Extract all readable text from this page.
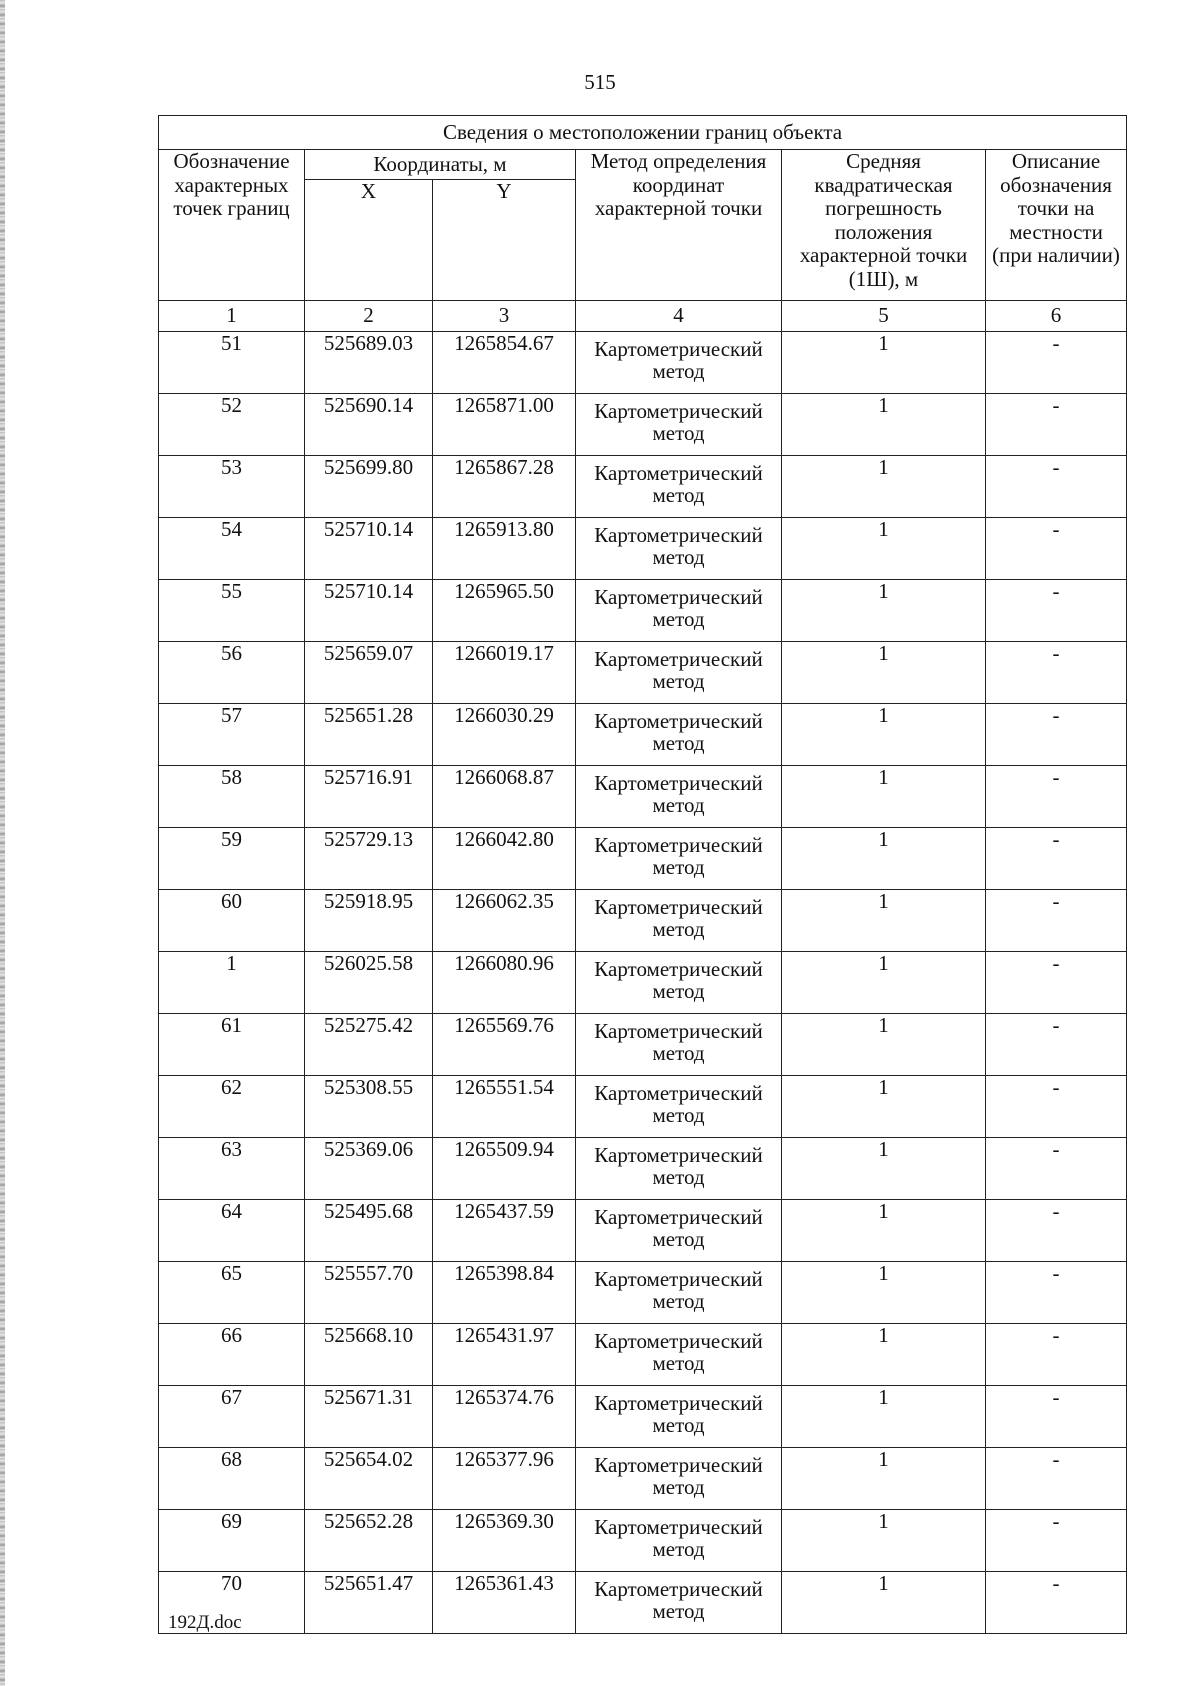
515
Сведения о местоположении границ объекта					
Обозначение характерных точек границ	Координаты, м		Метод определения координат характерной точки	Средняя квадратическая погрешность положения характерной точки (1Ш), м	Описание обозначения точки на местности (при наличии)
	X	Y			
1	2	3	4	5	6
51	525689.03	1265854.67	Картометрический метод	1	-
52	525690.14	1265871.00	Картометрический метод	1	-
53	525699.80	1265867.28	Картометрический метод	1	-
54	525710.14	1265913.80	Картометрический метод	1	-
55	525710.14	1265965.50	Картометрический метод	1	-
56	525659.07	1266019.17	Картометрический метод	1	-
57	525651.28	1266030.29	Картометрический метод	1	-
58	525716.91	1266068.87	Картометрический метод	1	-
59	525729.13	1266042.80	Картометрический метод	1	-
60	525918.95	1266062.35	Картометрический метод	1	-
1	526025.58	1266080.96	Картометрический метод	1	-
61	525275.42	1265569.76	Картометрический метод	1	-
62	525308.55	1265551.54	Картометрический метод	1	-
63	525369.06	1265509.94	Картометрический метод	1	-
64	525495.68	1265437.59	Картометрический метод	1	-
65	525557.70	1265398.84	Картометрический метод	1	-
66	525668.10	1265431.97	Картометрический метод	1	-
67	525671.31	1265374.76	Картометрический метод	1	-
68	525654.02	1265377.96	Картометрический метод	1	-
69	525652.28	1265369.30	Картометрический метод	1	-
70	525651.47	1265361.43	Картометрический метод	1	-
192Д.doc
